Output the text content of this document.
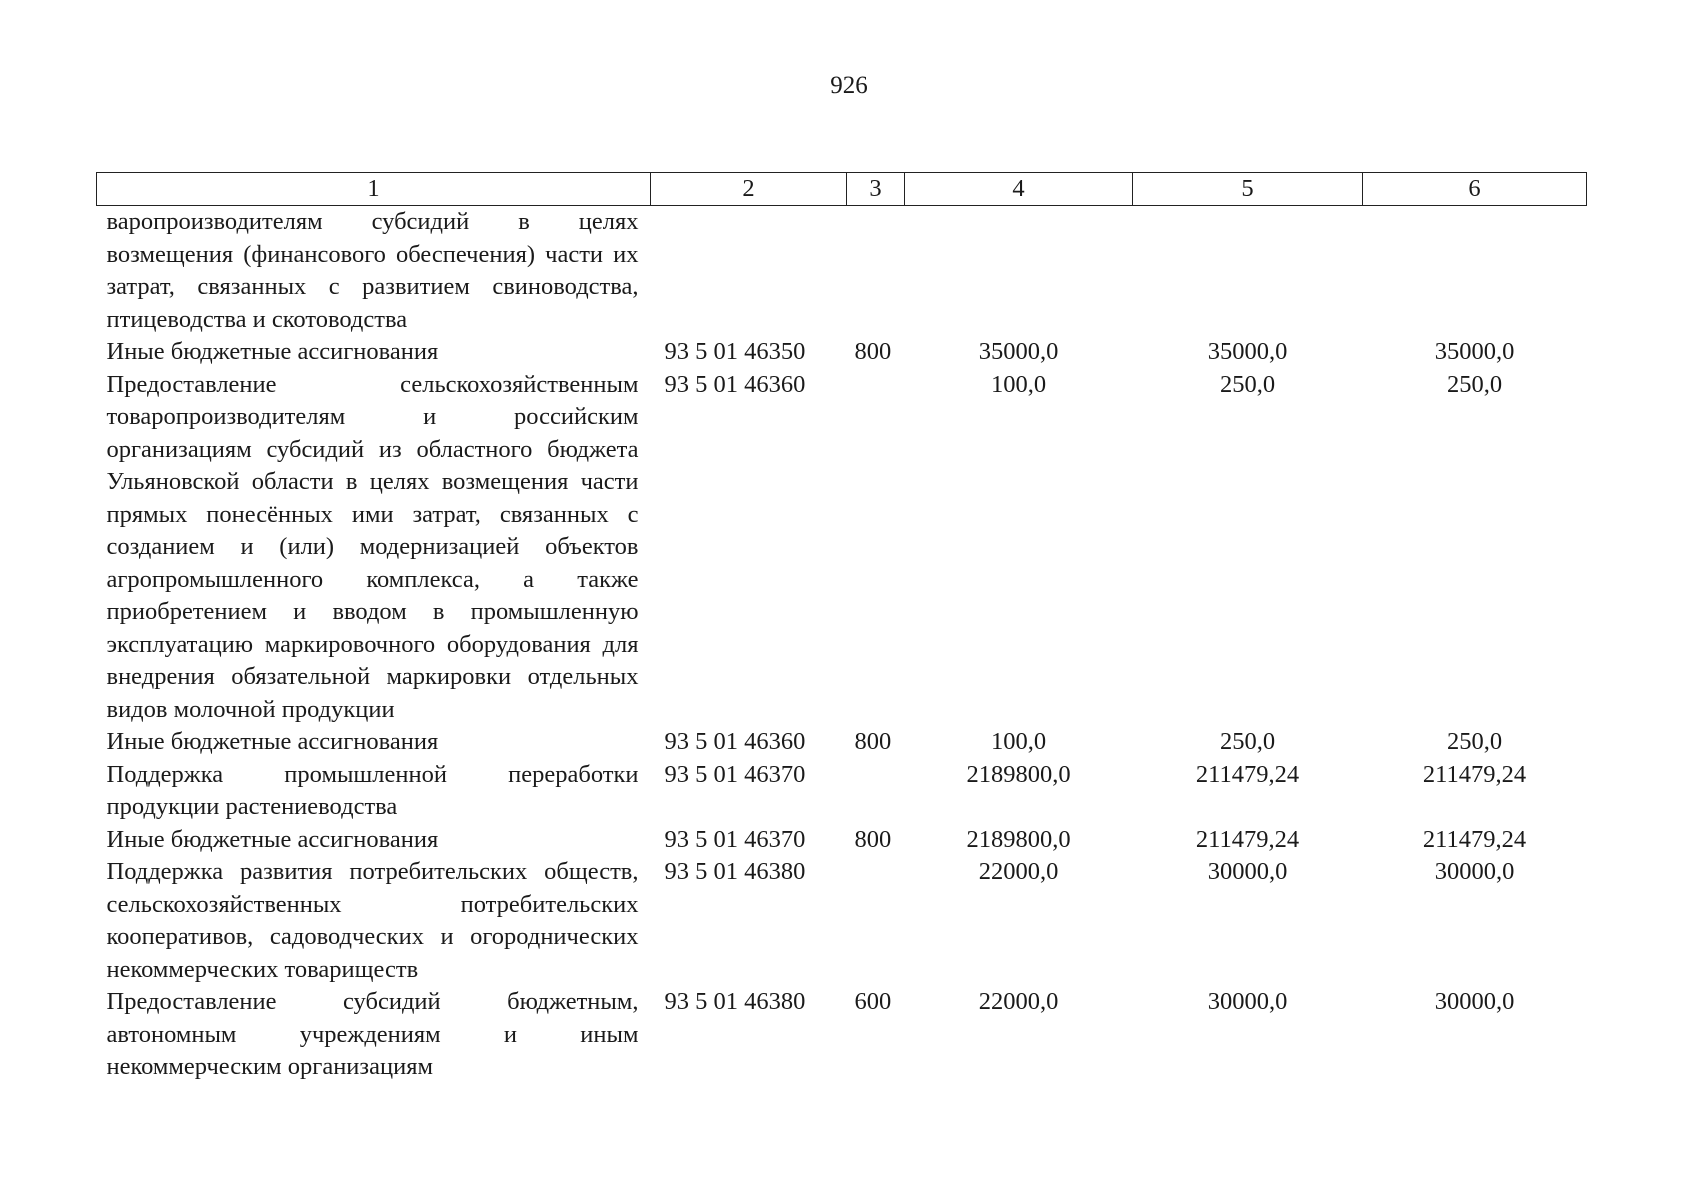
926
1	2	3	4	5	6
варопроизводителям субсидий в целях возмещения (финансового обеспечения) части их затрат, связанных с развитием свиноводства, птицеводства и скотоводства					
Иные бюджетные ассигнования	93 5 01 46350	800	35000,0	35000,0	35000,0
Предоставление сельскохозяйственным товаропроизводителям и российским организациям субсидий из областного бюджета Ульяновской области в целях возмещения части прямых понесённых ими затрат, связанных с созданием и (или) модернизацией объектов агропромышленного комплекса, а также приобретением и вводом в промышленную эксплуатацию маркировочного оборудования для внедрения обязательной маркировки отдельных видов молочной продукции	93 5 01 46360		100,0	250,0	250,0
Иные бюджетные ассигнования	93 5 01 46360	800	100,0	250,0	250,0
Поддержка промышленной переработки продукции растениеводства	93 5 01 46370		2189800,0	211479,24	211479,24
Иные бюджетные ассигнования	93 5 01 46370	800	2189800,0	211479,24	211479,24
Поддержка развития потребительских обществ, сельскохозяйственных потребительских кооперативов, садоводческих и огороднических некоммерческих товариществ	93 5 01 46380		22000,0	30000,0	30000,0
Предоставление субсидий бюджетным, автономным учреждениям и иным некоммерческим организациям	93 5 01 46380	600	22000,0	30000,0	30000,0
